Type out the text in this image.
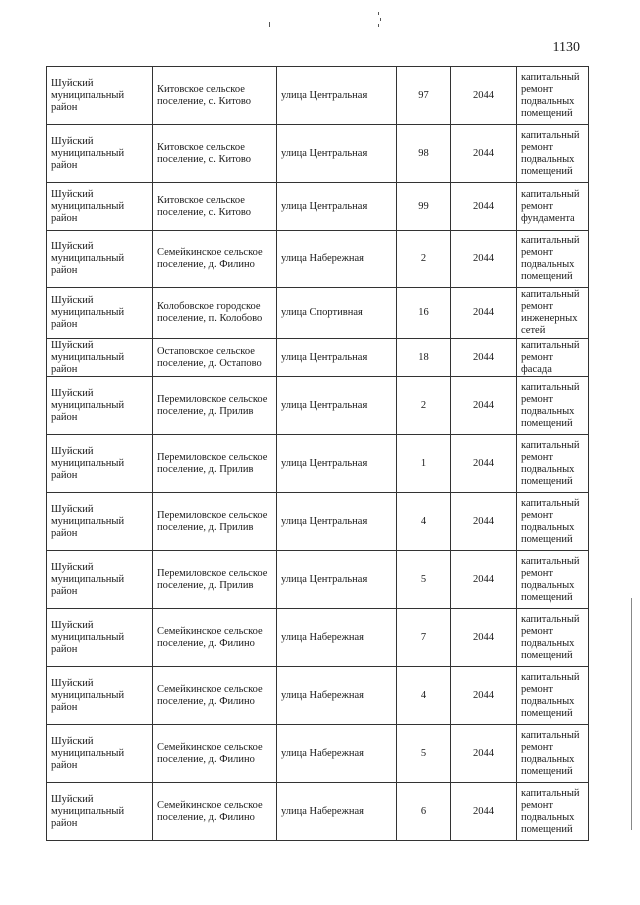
1130
Шуйский муниципальный район	Китовское сельское поселение, с. Китово	улица Центральная	97	2044	капитальный ремонт подвальных помещений
Шуйский муниципальный район	Китовское сельское поселение, с. Китово	улица Центральная	98	2044	капитальный ремонт подвальных помещений
Шуйский муниципальный район	Китовское сельское поселение, с. Китово	улица Центральная	99	2044	капитальный ремонт фундамента
Шуйский муниципальный район	Семейкинское сельское поселение, д. Филино	улица Набережная	2	2044	капитальный ремонт подвальных помещений
Шуйский муниципальный район	Колобовское городское поселение, п. Колобово	улица Спортивная	16	2044	капитальный ремонт инженерных сетей
Шуйский муниципальный район	Остаповское сельское поселение, д. Остапово	улица Центральная	18	2044	капитальный ремонт фасада
Шуйский муниципальный район	Перемиловское сельское поселение, д. Прилив	улица Центральная	2	2044	капитальный ремонт подвальных помещений
Шуйский муниципальный район	Перемиловское сельское поселение, д. Прилив	улица Центральная	1	2044	капитальный ремонт подвальных помещений
Шуйский муниципальный район	Перемиловское сельское поселение, д. Прилив	улица Центральная	4	2044	капитальный ремонт подвальных помещений
Шуйский муниципальный район	Перемиловское сельское поселение, д. Прилив	улица Центральная	5	2044	капитальный ремонт подвальных помещений
Шуйский муниципальный район	Семейкинское сельское поселение, д. Филино	улица Набережная	7	2044	капитальный ремонт подвальных помещений
Шуйский муниципальный район	Семейкинское сельское поселение, д. Филино	улица Набережная	4	2044	капитальный ремонт подвальных помещений
Шуйский муниципальный район	Семейкинское сельское поселение, д. Филино	улица Набережная	5	2044	капитальный ремонт подвальных помещений
Шуйский муниципальный район	Семейкинское сельское поселение, д. Филино	улица Набережная	6	2044	капитальный ремонт подвальных помещений
